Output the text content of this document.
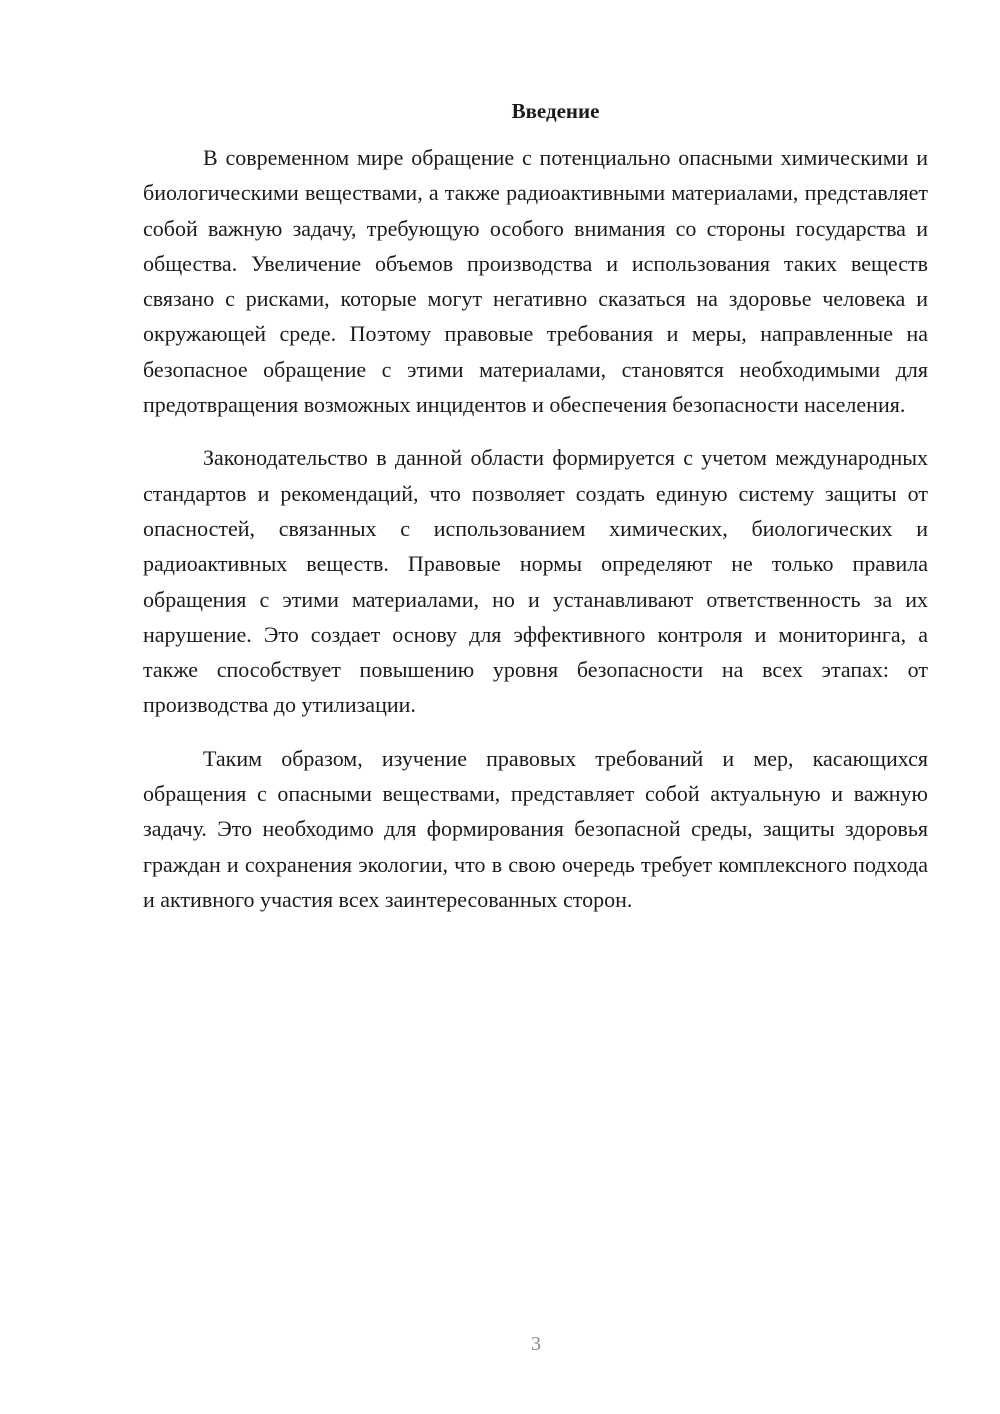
Введение

В современном мире обращение с потенциально опасными химическими и биологическими веществами, а также радиоактивными материалами, представляет собой важную задачу, требующую особого внимания со стороны государства и общества. Увеличение объемов производства и использования таких веществ связано с рисками, которые могут негативно сказаться на здоровье человека и окружающей среде. Поэтому правовые требования и меры, направленные на безопасное обращение с этими материалами, становятся необходимыми для предотвращения возможных инцидентов и обеспечения безопасности населения.

Законодательство в данной области формируется с учетом международных стандартов и рекомендаций, что позволяет создать единую систему защиты от опасностей, связанных с использованием химических, биологических и радиоактивных веществ. Правовые нормы определяют не только правила обращения с этими материалами, но и устанавливают ответственность за их нарушение. Это создает основу для эффективного контроля и мониторинга, а также способствует повышению уровня безопасности на всех этапах: от производства до утилизации.

Таким образом, изучение правовых требований и мер, касающихся обращения с опасными веществами, представляет собой актуальную и важную задачу. Это необходимо для формирования безопасной среды, защиты здоровья граждан и сохранения экологии, что в свою очередь требует комплексного подхода и активного участия всех заинтересованных сторон.

3
